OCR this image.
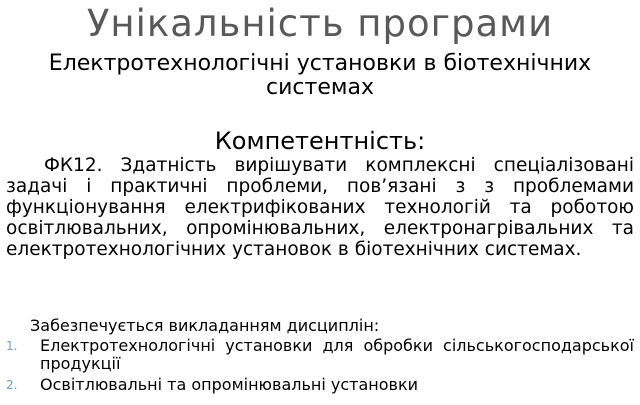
Унікальність програми
Електротехнологічні установки в біотехнічних системах
Компетентність:
ФК12. Здатність вирішувати комплексні спеціалізовані задачі і практичні проблеми, пов’язані з з проблемами функціонування електрифікованих технологій та роботою освітлювальних, опромінювальних, електронагрівальних та електротехнологічних установок в біотехнічних системах.
Забезпечується викладанням дисциплін:
1. Електротехнологічні установки для обробки сільськогосподарської продукції
2. Освітлювальні та опромінювальні установки
